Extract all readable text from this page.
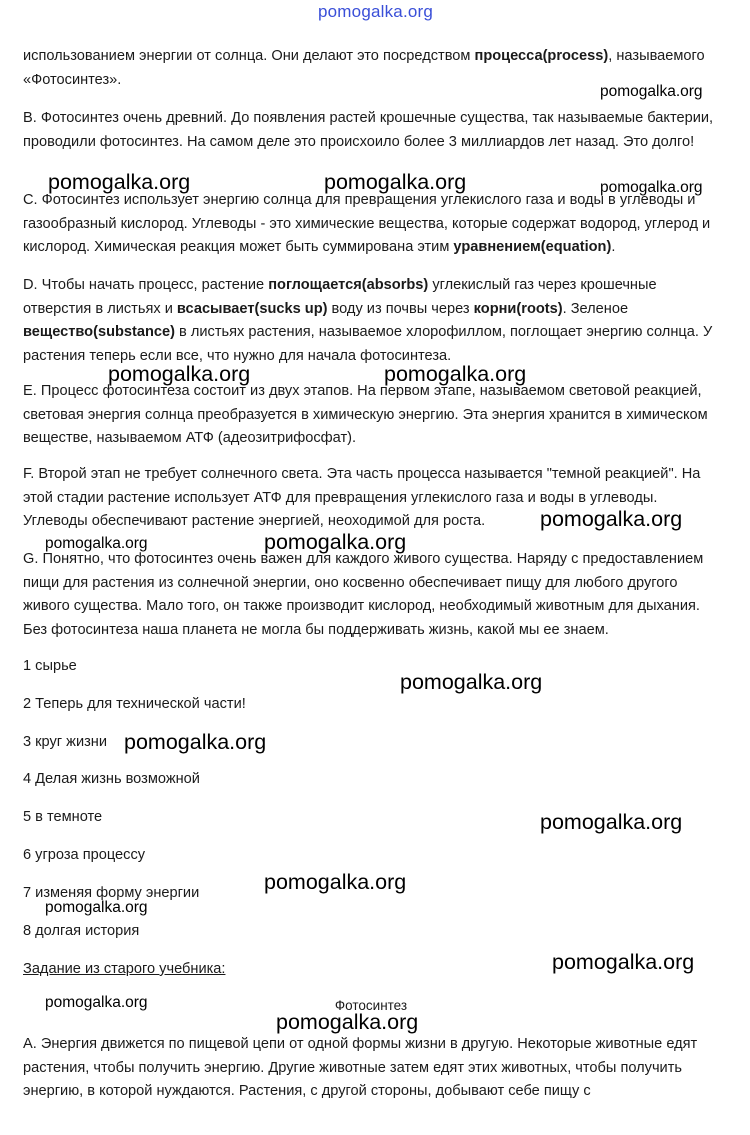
pomogalka.org

использованием энергии от солнца. Они делают это посредством процесса(process), называемого «Фотосинтез».

B. Фотосинтез очень древний. До появления растей крошечные существа, так называемые бактерии, проводили фотосинтез. На самом деле это происхоило более 3 миллиардов лет назад. Это долго!

C. Фотосинтез использует энергию солнца для превращения углекислого газа и воды в углеводы и газообразный кислород. Углеводы - это химические вещества, которые содержат водород, углерод и кислород. Химическая реакция может быть суммирована этим уравнением(equation).

D. Чтобы начать процесс, растение поглощается(absorbs) углекислый газ через крошечные отверстия в листьях и всасывает(sucks up) воду из почвы через корни(roots). Зеленое вещество(substance) в листьях растения, называемое хлорофиллом, поглощает энергию солнца. У растения теперь если все, что нужно для начала фотосинтеза.

E. Процесс фотосинтеза состоит из двух этапов. На первом этапе, называемом световой реакцией, световая энергия солнца преобразуется в химическую энергию. Эта энергия хранится в химическом веществе, называемом АТФ (адеозитрифосфат).

F. Второй этап не требует солнечного света. Эта часть процесса называется "темной реакцией". На этой стадии растение использует АТФ для превращения углекислого газа и воды в углеводы. Углеводы обеспечивают растение энергией, неоходимой для роста.

G. Понятно, что фотосинтез очень важен для каждого живого существа. Наряду с предоставлением пищи для растения из солнечной энергии, оно косвенно обеспечивает пищу для любого другого живого существа. Мало того, он также производит кислород, необходимый животным для дыхания. Без фотосинтеза наша планета не могла бы поддерживать жизнь, какой мы ее знаем.

1 сырье
2 Теперь для технической части!
3 круг жизни
4 Делая жизнь возможной
5 в темноте
6 угроза процессу
7 изменяя форму энергии
8 долгая история
Задание из старого учебника:
Фотосинтез

А. Энергия движется по пищевой цепи от одной формы жизни в другую. Некоторые животные едят растения, чтобы получить энергию. Другие животные затем едят этих животных, чтобы получить энергию, в которой нуждаются. Растения, с другой стороны, добывают себе пищу с

pomogalka.org
pomogalka.org	pomogalka.org	pomogalka.org
pomogalka.org	pomogalka.org
pomogalka.org
pomogalka.org	pomogalka.org
pomogalka.org
pomogalka.org
pomogalka.org
pomogalka.org
pomogalka.org
pomogalka.org
pomogalka.org
pomogalka.org
